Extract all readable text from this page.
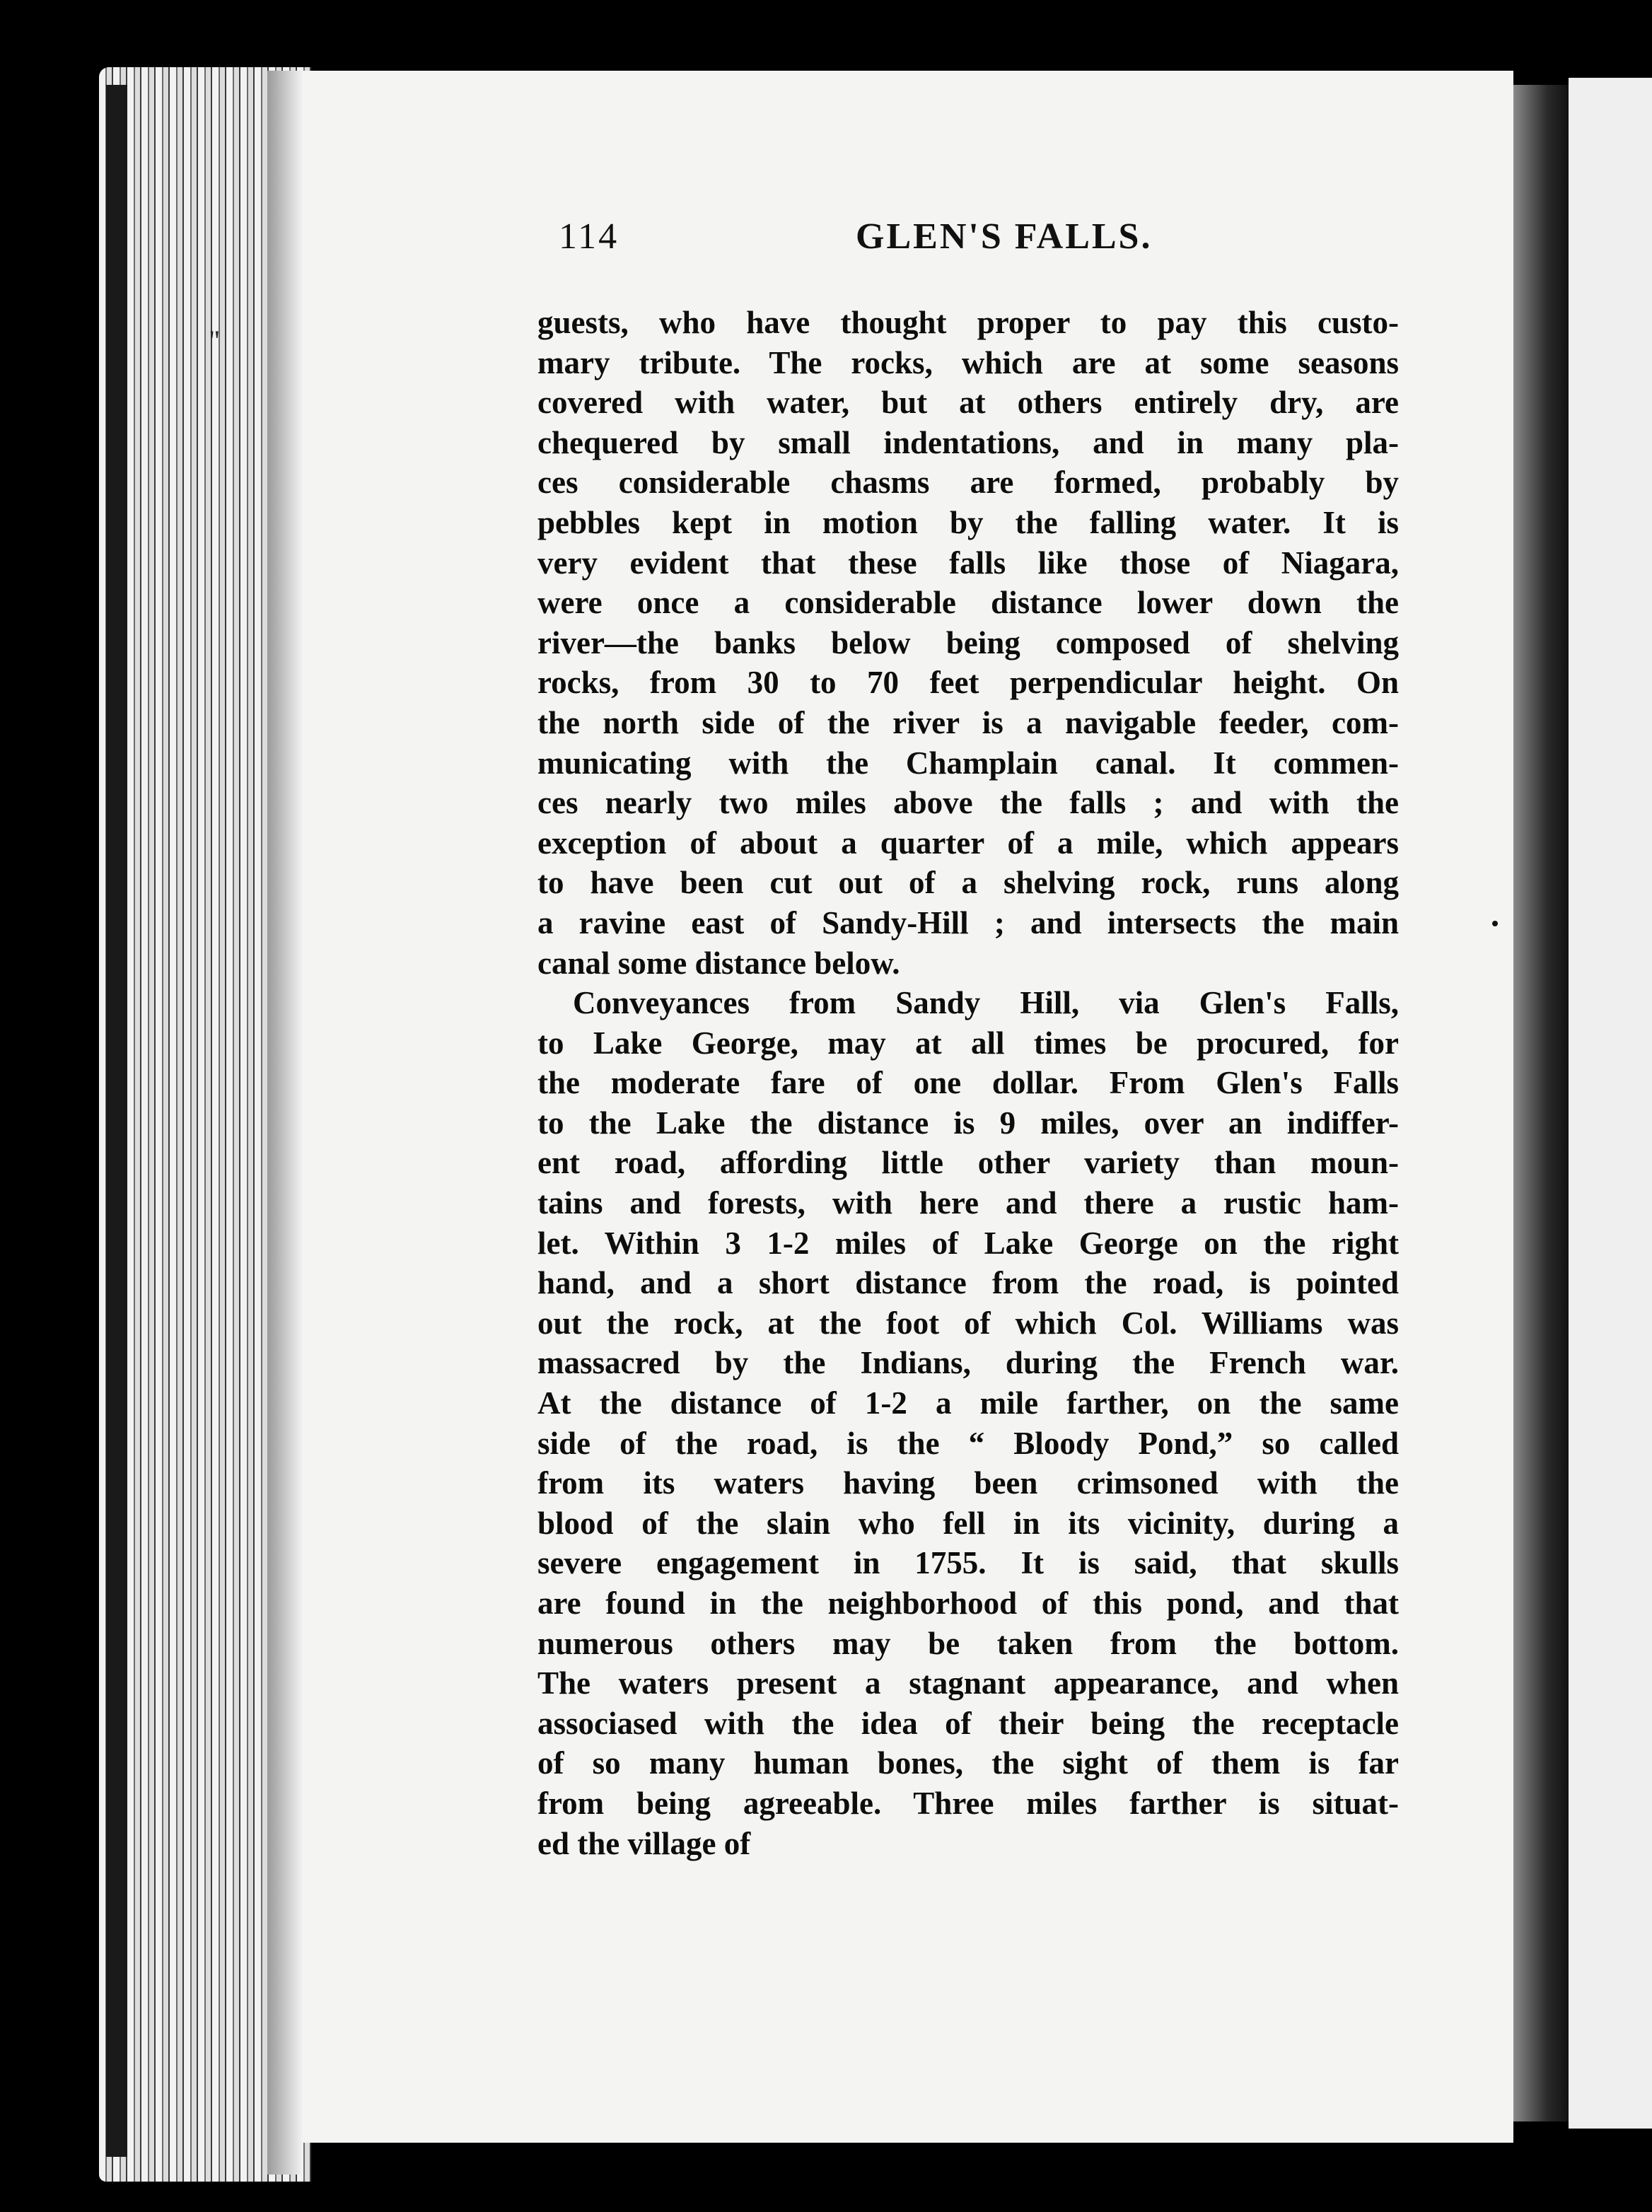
''
114	GLEN'S FALLS.
guests, who have thought proper to pay this custo-
mary tribute. The rocks, which are at some seasons
covered with water, but at others entirely dry, are
chequered by small indentations, and in many pla-
ces considerable chasms are formed, probably by
pebbles kept in motion by the falling water. It is
very evident that these falls like those of Niagara,
were once a considerable distance lower down the
river—the banks below being composed of shelving
rocks, from 30 to 70 feet perpendicular height. On
the north side of the river is a navigable feeder, com-
municating with the Champlain canal. It commen-
ces nearly two miles above the falls ; and with the
exception of about a quarter of a mile, which appears
to have been cut out of a shelving rock, runs along
a ravine east of Sandy-Hill ; and intersects the main
canal some distance below.
Conveyances from Sandy Hill, via Glen's Falls,
to Lake George, may at all times be procured, for
the moderate fare of one dollar. From Glen's Falls
to the Lake the distance is 9 miles, over an indiffer-
ent road, affording little other variety than moun-
tains and forests, with here and there a rustic ham-
let. Within 3 1-2 miles of Lake George on the right
hand, and a short distance from the road, is pointed
out the rock, at the foot of which Col. Williams was
massacred by the Indians, during the French war.
At the distance of 1-2 a mile farther, on the same
side of the road, is the “ Bloody Pond,” so called
from its waters having been crimsoned with the
blood of the slain who fell in its vicinity, during a
severe engagement in 1755. It is said, that skulls
are found in the neighborhood of this pond, and that
numerous others may be taken from the bottom.
The waters present a stagnant appearance, and when
associased with the idea of their being the receptacle
of so many human bones, the sight of them is far
from being agreeable. Three miles farther is situat-
ed the village of
